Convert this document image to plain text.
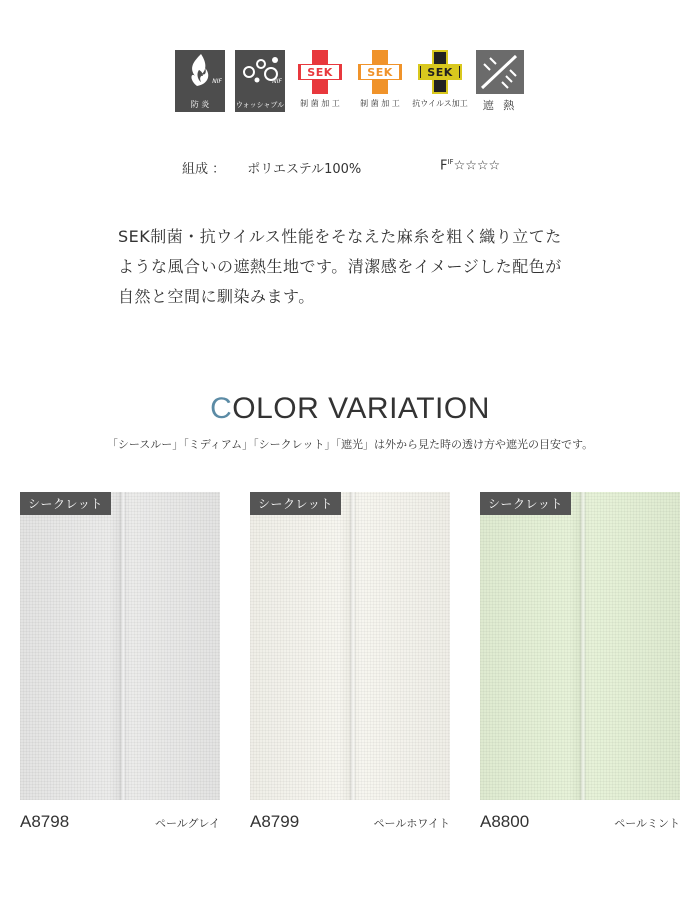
NIF
防 炎
NIF
ウォッシャブル
SEK
制 菌 加 工
SEK
制 菌 加 工
SEK
抗ウイルス加工 遮 熱
組成 ： ポリエステル100%	$F^{IF}☆☆☆☆$

SEK制菌・抗ウイルス性能をそなえた麻糸を粗く織り立てた

ような風合いの遮熱生地です。清潔感をイメージした配色が

自然と空間に馴染みます。

COLOR VARIATION
「シースルー」「ミディアム」「シークレット」「遮光」は外から見た時の透け方や遮光の目安です。
シークレット
A8798	ペールグレイ
シークレット
A8799	ペールホワイト
シークレット
A8800	ペールミント
